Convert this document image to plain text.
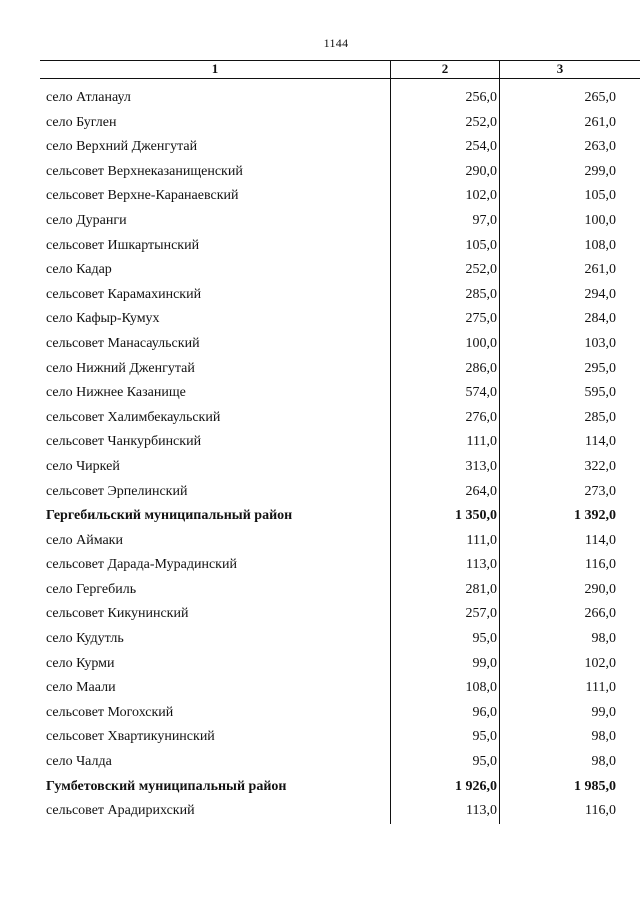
1144
1	2	3
село Атланаул	256,0	265,0
село Буглен	252,0	261,0
село Верхний Дженгутай	254,0	263,0
сельсовет Верхнеказанищенский	290,0	299,0
сельсовет Верхне-Каранаевский	102,0	105,0
село Дуранги	97,0	100,0
сельсовет Ишкартынский	105,0	108,0
село Кадар	252,0	261,0
сельсовет Карамахинский	285,0	294,0
село Кафыр-Кумух	275,0	284,0
сельсовет Манасаульский	100,0	103,0
село Нижний Дженгутай	286,0	295,0
село Нижнее Казанище	574,0	595,0
сельсовет Халимбекаульский	276,0	285,0
сельсовет Чанкурбинский	111,0	114,0
село Чиркей	313,0	322,0
сельсовет Эрпелинский	264,0	273,0
Гергебильский муниципальный район	1 350,0	1 392,0
село Аймаки	111,0	114,0
сельсовет Дарада-Мурадинский	113,0	116,0
село Гергебиль	281,0	290,0
сельсовет Кикунинский	257,0	266,0
село Кудутль	95,0	98,0
село Курми	99,0	102,0
село Маали	108,0	111,0
сельсовет Могохский	96,0	99,0
сельсовет Хвартикунинский	95,0	98,0
село Чалда	95,0	98,0
Гумбетовский муниципальный район	1 926,0	1 985,0
сельсовет Арадирихский	113,0	116,0
